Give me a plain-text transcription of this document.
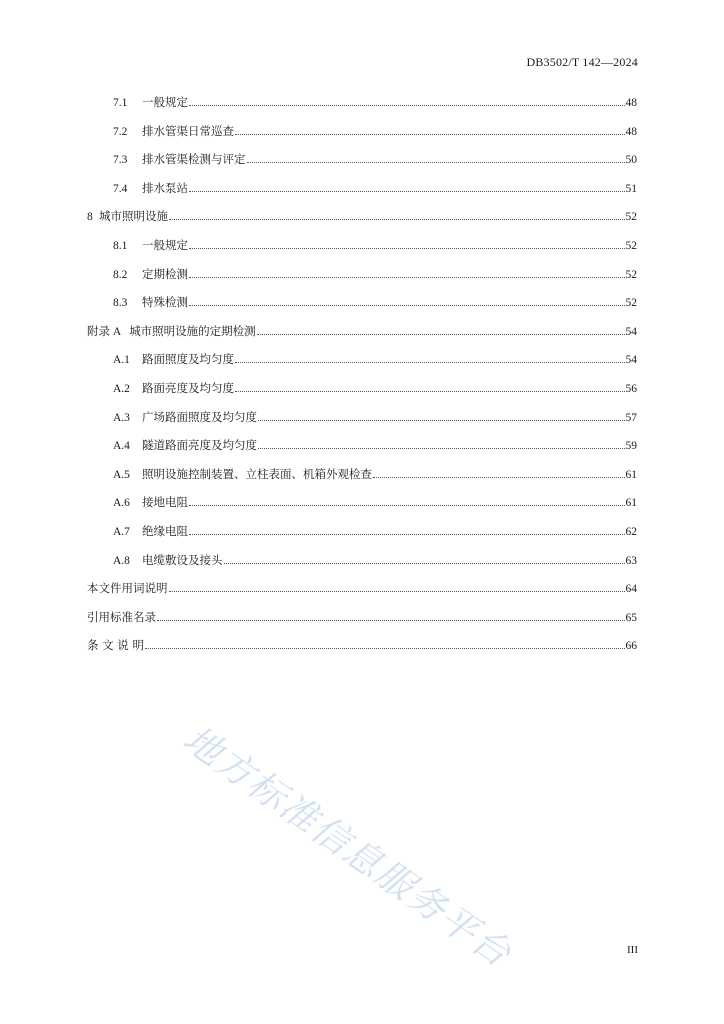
DB3502/T 142—2024
7.1	一般规定	48
7.2	排水管渠日常巡查	48
7.3	排水管渠检测与评定	50
7.4	排水泵站	51
8 城市照明设施	52
8.1	一般规定	52
8.2	定期检测	52
8.3	特殊检测	52
附录 A 城市照明设施的定期检测	54
A.1	路面照度及均匀度	54
A.2	路面亮度及均匀度	56
A.3	广场路面照度及均匀度	57
A.4	隧道路面亮度及均匀度	59
A.5	照明设施控制装置、立柱表面、机箱外观检查	61
A.6	接地电阻	61
A.7	绝缘电阻	62
A.8	电缆敷设及接头	63
本文件用词说明	64
引用标准名录	65
条 文 说 明	66
地方标准信息服务平台	III
